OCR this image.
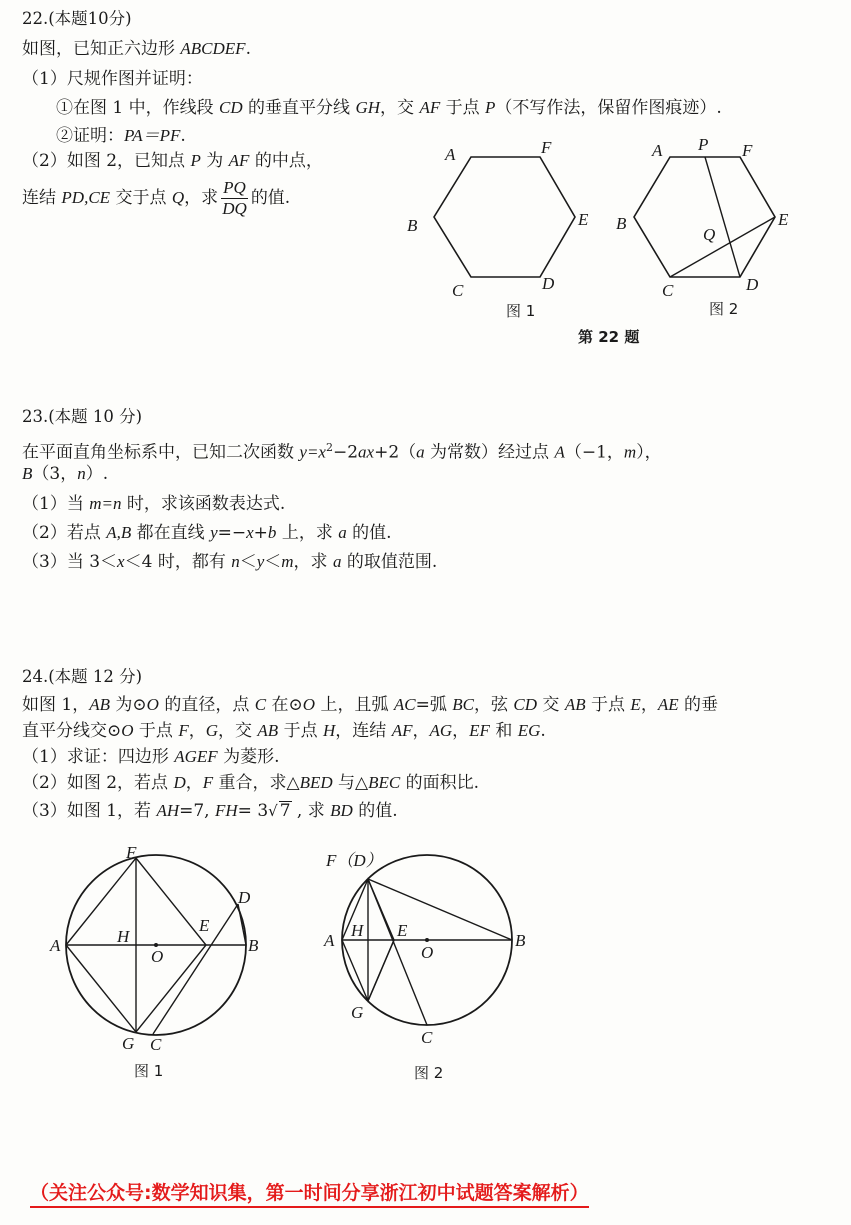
22.(本题10分)
如图，已知正六边形 ABCDEF.
（1）尺规作图并证明：
①在图 1 中，作线段 CD 的垂直平分线 GH，交 AF 于点 P（不写作法，保留作图痕迹）.
②证明：PA＝PF.
（2）如图 2，已知点 P 为 AF 的中点，
连结 PD,CE 交于点 Q，求 $\frac{PQ}{DQ}$ 的值.
A	F
B	E
C	D
图 1
A P F
B	E
Q
C	D
图 2
第 22 题
23.(本题 10 分)
在平面直角坐标系中，已知二次函数 $y=x^2-2ax+2(a$ 为常数）经过点 A（−1，m），
B（3，n）.
（1）当 m=n 时，求该函数表达式.
（2）若点 A,B 都在直线 y=−x+b 上，求 a 的值.
（3）当 3＜x＜4 时，都有 n＜y＜m，求 a 的取值范围.
24.(本题 12 分)
如图 1，AB 为⊙O 的直径，点 C 在⊙O 上，且弧 AC=弧 BC，弦 CD 交 AB 于点 E，AE 的垂
直平分线交⊙O 于点 F，G，交 AB 于点 H，连结 AF，AG，EF 和 EG.
（1）求证：四边形 AGEF 为菱形.
（2）如图 2，若点 D，F 重合，求△BED 与△BEC 的面积比.
（3）如图 1，若 AH=7, FH= 3√ 7 , 求 BD 的值.
F
D
A	H
O
E
B
G C
图 1
F（D）
A
H E
O
B
G
C
图 2
（关注公众号:数学知识集，第一时间分享浙江初中试题答案解析）
